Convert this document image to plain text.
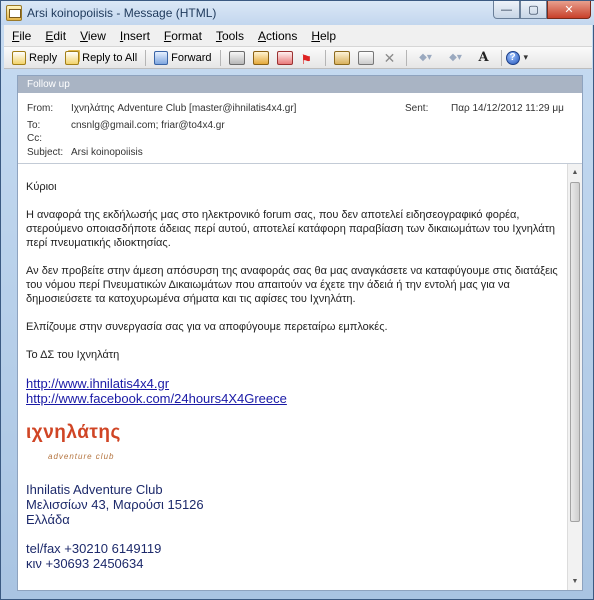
Arsi koinopoiisis - Message (HTML)	—	▢	✕
File Edit View Insert Format Tools Actions Help
Reply Reply to All	Forward
⚑	✕	◆▾	◆▾	A	? ▾
Follow up
From:	Ιχνηλάτης Adventure Club [master@ihnilatis4x4.gr]	Sent:	Παρ 14/12/2012 11:29 μμ
To:	cnsnlg@gmail.com; friar@to4x4.gr
Cc:
Subject: Arsi koinopoiisis

Κύριοι

Η αναφορά της εκδήλωσής μας στο ηλεκτρονικό forum σας, που δεν αποτελεί ειδησεογραφικό φορέα, στερούμενο οποιασδήποτε άδειας περί αυτού, αποτελεί κατάφορη παραβίαση των δικαιωμάτων του Ιχνηλάτη περί πνευματικής ιδιοκτησίας.

Αν δεν προβείτε στην άμεση απόσυρση της αναφοράς σας θα μας αναγκάσετε να καταφύγουμε στις διατάξεις του νόμου περί Πνευματικών Δικαιωμάτων που απαιτούν να έχετε την άδειά ή την εντολή μας για να δημοσιεύσετε τα κατοχυρωμένα σήματα και τις αφίσες του Ιχνηλάτη.

Ελπίζουμε στην συνεργασία σας για να αποφύγουμε περεταίρω εμπλοκές.

Το ΔΣ του Ιχνηλάτη

http://www.ihnilatis4x4.gr
http://www.facebook.com/24hours4X4Greece
ιχνηλάτης
adventure club
Ihnilatis Adventure Club
Μελισσίων 43, Μαρούσι 15126
Ελλάδα
tel/fax +30210 6149119
κιν +30693 2450634
▲
▼
